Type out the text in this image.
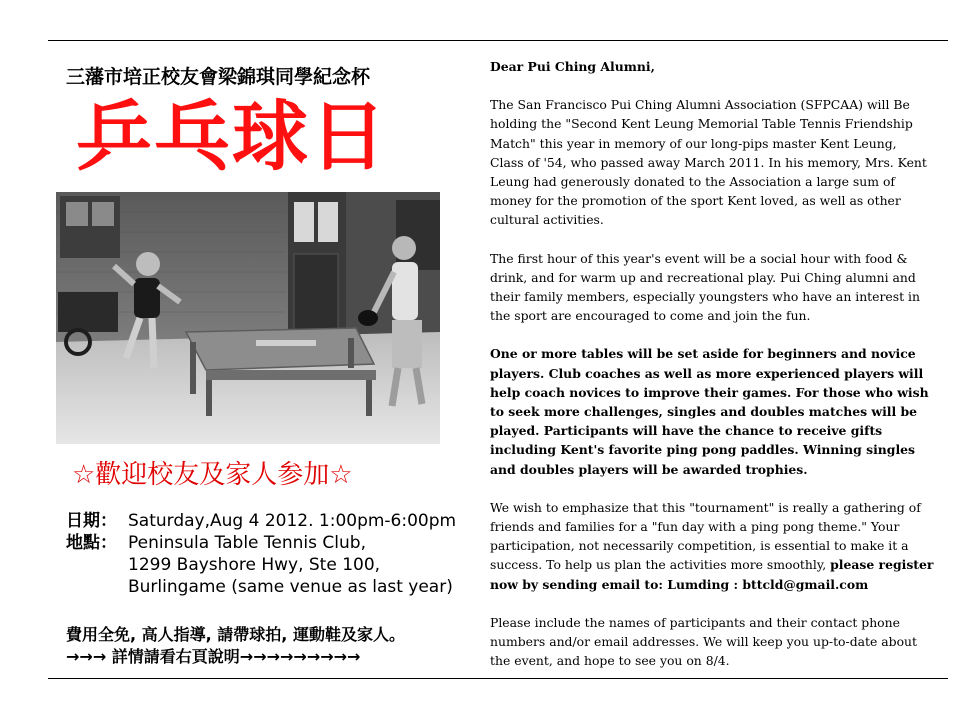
三藩市培正校友會梁錦琪同學紀念杯
乒乓球日
☆歡迎校友及家人参加☆
日期： Saturday,Aug 4 2012. 1:00pm-6:00pm
地點： Peninsula Table Tennis Club,
1299 Bayshore Hwy, Ste 100,
Burlingame (same venue as last year)
費用全免, 高人指導, 請帶球拍, 運動鞋及家人。
→→→ 詳情請看右頁說明→→→→→→→→→

Dear Pui Ching Alumni,

The San Francisco Pui Ching Alumni Association (SFPCAA) will Be holding the "Second Kent Leung Memorial Table Tennis Friendship Match" this year in memory of our long-pips master Kent Leung, Class of '54, who passed away March 2011. In his memory, Mrs. Kent Leung had generously donated to the Association a large sum of money for the promotion of the sport Kent loved, as well as other cultural activities.

The first hour of this year's event will be a social hour with food & drink, and for warm up and recreational play. Pui Ching alumni and their family members, especially youngsters who have an interest in the sport are encouraged to come and join the fun.

One or more tables will be set aside for beginners and novice players. Club coaches as well as more experienced players will help coach novices to improve their games. For those who wish to seek more challenges, singles and doubles matches will be played. Participants will have the chance to receive gifts including Kent's favorite ping pong paddles. Winning singles and doubles players will be awarded trophies.

We wish to emphasize that this "tournament" is really a gathering of friends and families for a "fun day with a ping pong theme." Your participation, not necessarily competition, is essential to make it a success. To help us plan the activities more smoothly, please register now by sending email to: Lumding : bttcld@gmail.com

Please include the names of participants and their contact phone numbers and/or email addresses. We will keep you up-to-date about the event, and hope to see you on 8/4.
